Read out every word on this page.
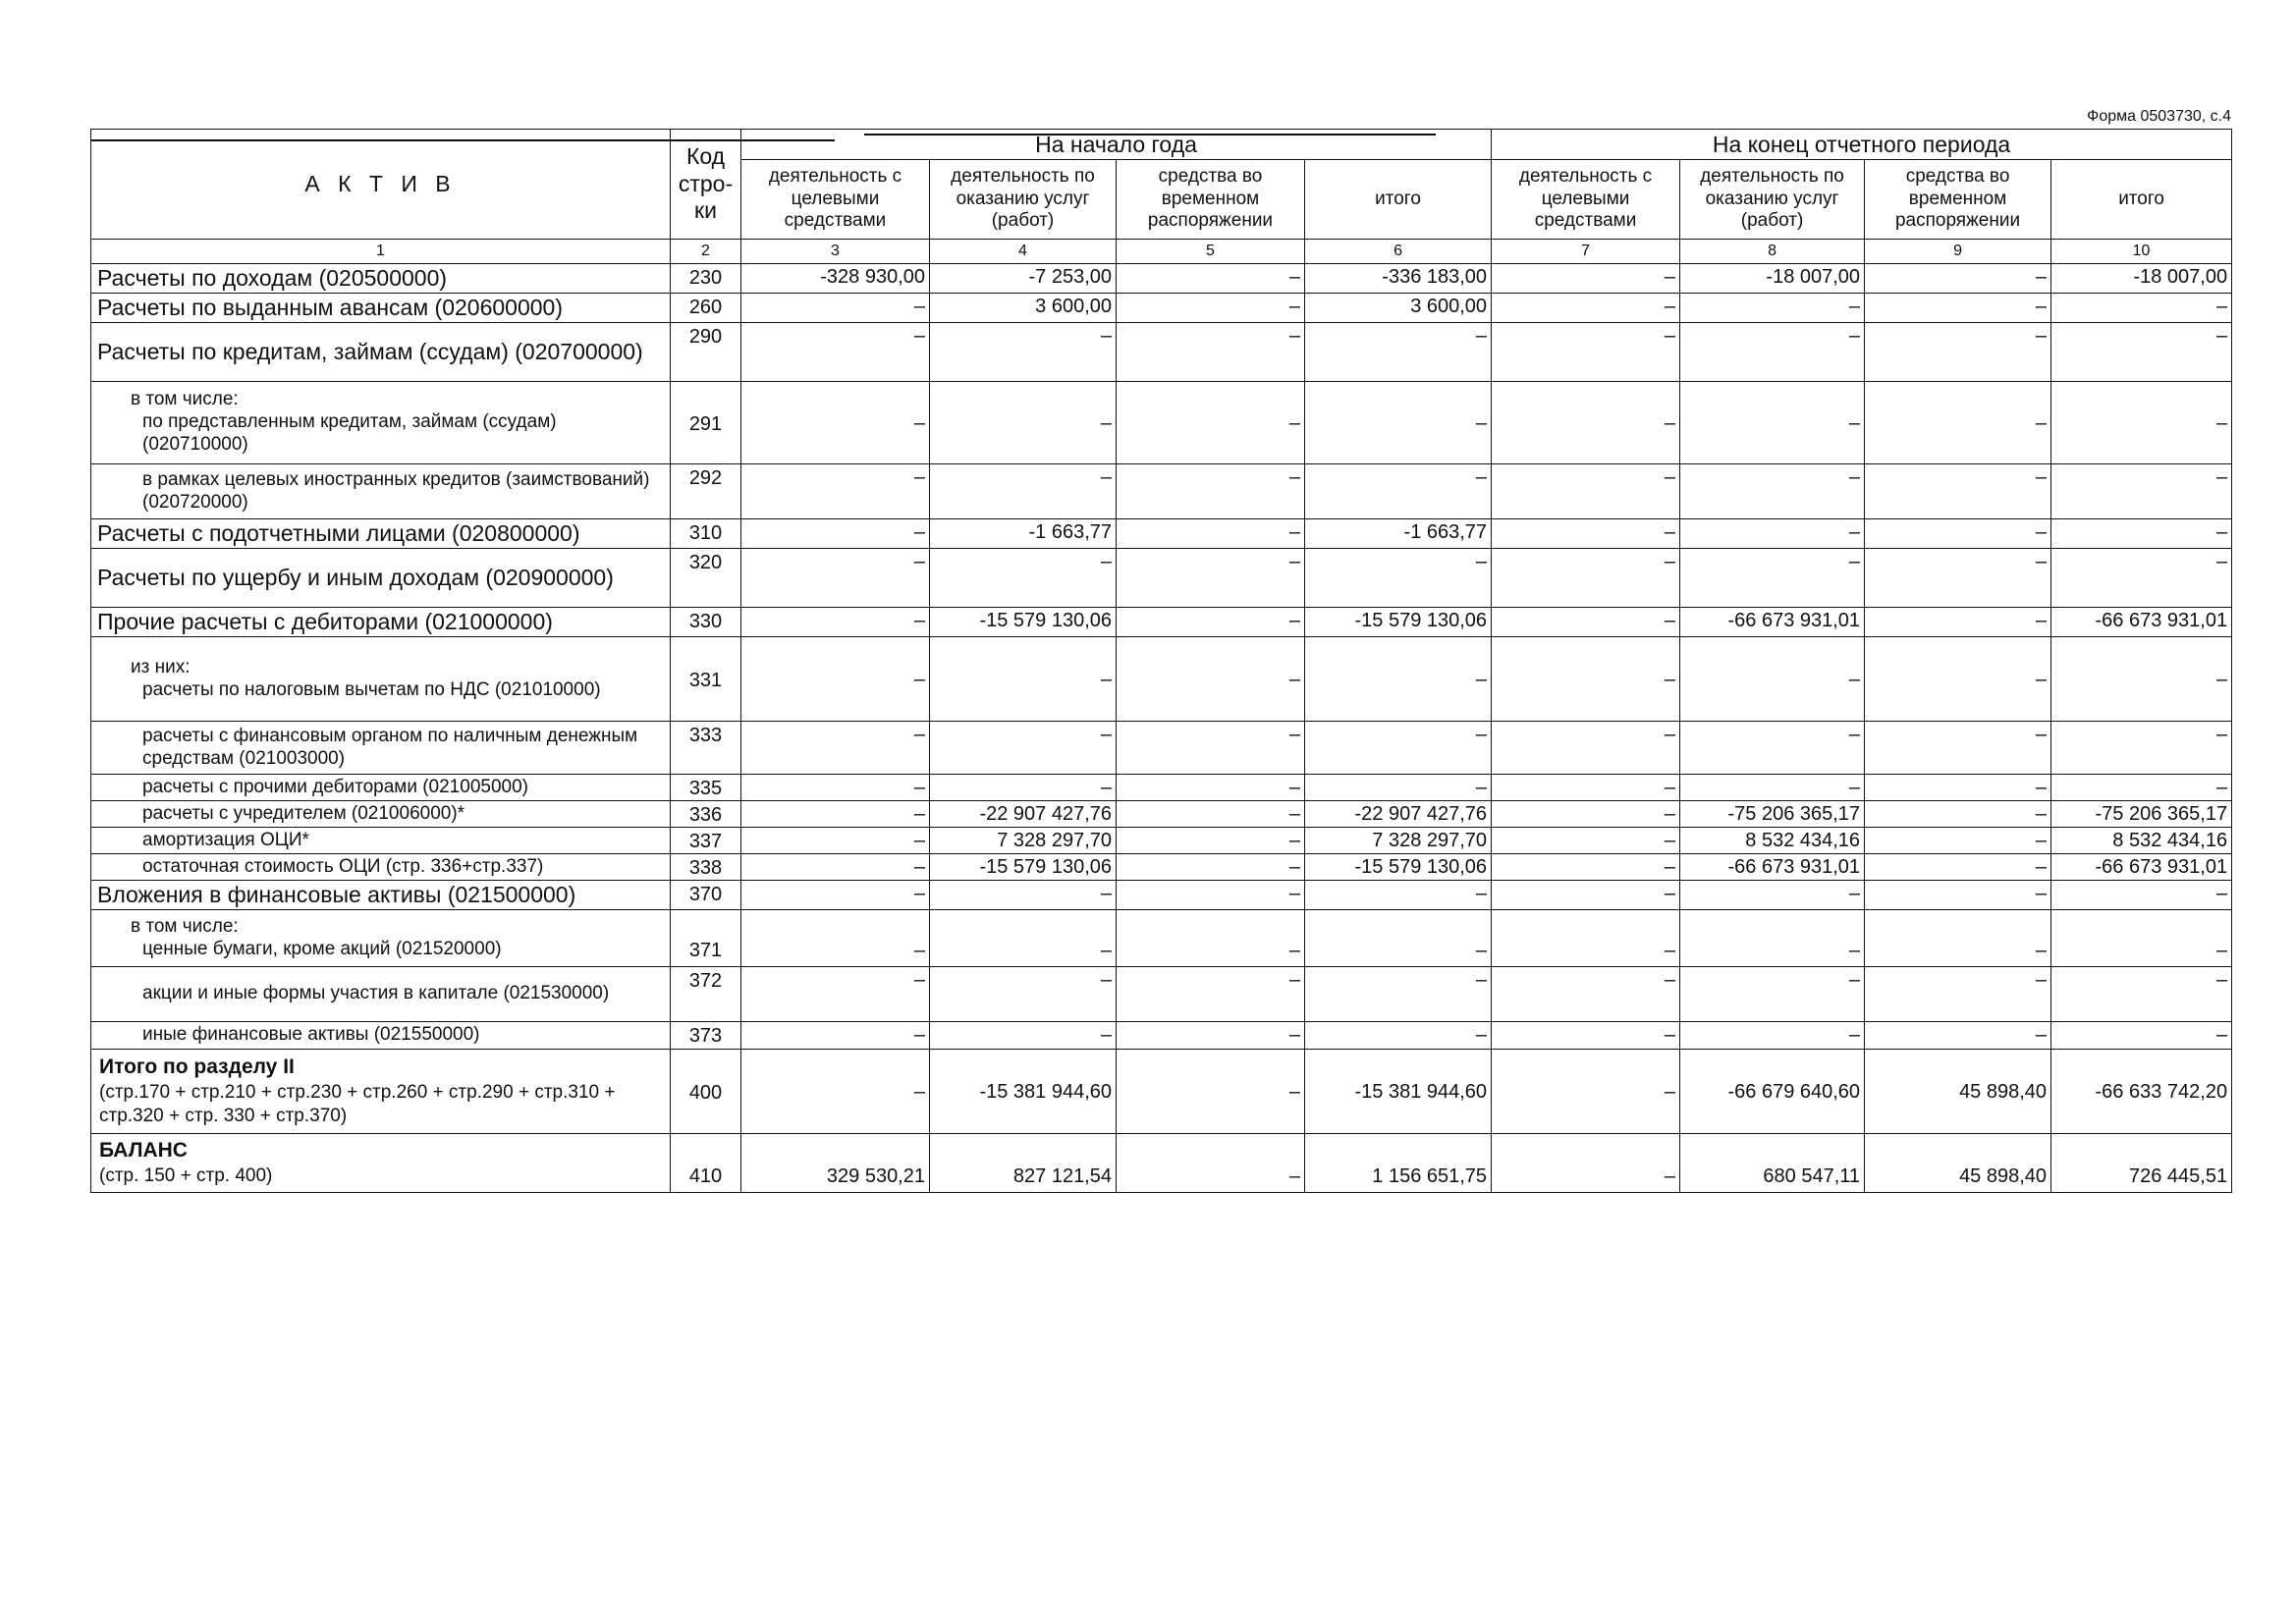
Форма 0503730, с.4
А К Т И В	Код стро-ки	На начало года				На конец отчетного периода			
		деятельность с целевыми средствами	деятельность по оказанию услуг (работ)	средства во временном распоряжении	итого	деятельность с целевыми средствами	деятельность по оказанию услуг (работ)	средства во временном распоряжении	итого
1	2	3	4	5	6	7	8	9	10
Расчеты по доходам (020500000)	230	-328 930,00	-7 253,00	–	-336 183,00	–	-18 007,00	–	-18 007,00
Расчеты по выданным авансам (020600000)	260	–	3 600,00	–	3 600,00	–	–	–	–
Расчеты по кредитам, займам (ссудам) (020700000)	290	–	–	–	–	–	–	–	–

в том числе:
по представленным кредитам, займам (ссудам) (020710000)	291	–	–	–	–	–	–	–	–
в рамках целевых иностранных кредитов (заимствований) (020720000)	292	–	–	–	–	–	–	–	–
Расчеты с подотчетными лицами (020800000)	310	–	-1 663,77	–	-1 663,77	–	–	–	–
Расчеты по ущербу и иным доходам (020900000)	320	–	–	–	–	–	–	–	–
Прочие расчеты с дебиторами (021000000)	330	–	-15 579 130,06	–	-15 579 130,06	–	-66 673 931,01	–	-66 673 931,01

из них:
расчеты по налоговым вычетам по НДС (021010000)	331	–	–	–	–	–	–	–	–
расчеты с финансовым органом по наличным денежным средствам (021003000)	333	–	–	–	–	–	–	–	–
расчеты с прочими дебиторами (021005000)	335	–	–	–	–	–	–	–	–
расчеты с учредителем (021006000)*	336	–	-22 907 427,76	–	-22 907 427,76	–	-75 206 365,17	–	-75 206 365,17
амортизация ОЦИ*	337	–	7 328 297,70	–	7 328 297,70	–	8 532 434,16	–	8 532 434,16
остаточная стоимость ОЦИ (стр. 336+стр.337)	338	–	-15 579 130,06	–	-15 579 130,06	–	-66 673 931,01	–	-66 673 931,01
Вложения в финансовые активы (021500000)	370	–	–	–	–	–	–	–	–

в том числе:
ценные бумаги, кроме акций (021520000)	371	–	–	–	–	–	–	–	–
акции и иные формы участия в капитале (021530000)	372	–	–	–	–	–	–	–	–
иные финансовые активы (021550000)	373	–	–	–	–	–	–	–	–
Итого по разделу II
(стр.170 + стр.210 + стр.230 + стр.260 + стр.290 + стр.310 + стр.320 + стр. 330 + стр.370)	400	–	-15 381 944,60	–	-15 381 944,60	–	-66 679 640,60	45 898,40	-66 633 742,20
БАЛАНС
(стр. 150 + стр. 400)	410	329 530,21	827 121,54	–	1 156 651,75	–	680 547,11	45 898,40	726 445,51
